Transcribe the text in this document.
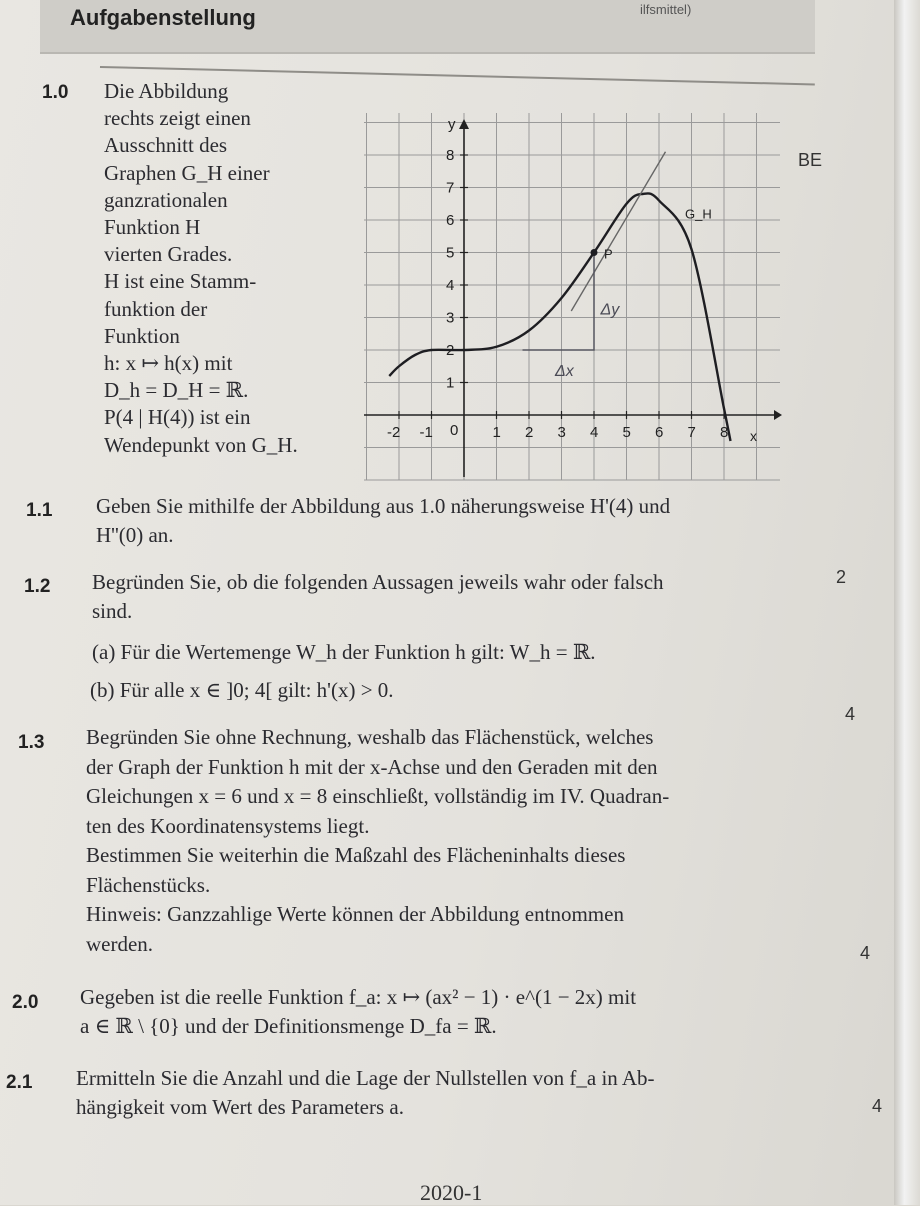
Aufgabenstellung	ilfsmittel)
1.0 Die Abbildung
rechts zeigt einen
Ausschnitt des
Graphen G_H einer
ganzrationalen
Funktion H
vierten Grades.
H ist eine Stamm-
funktion der
Funktion
h: x ↦ h(x) mit
D_h = D_H = ℝ.
P(4 | H(4)) ist ein
Wendepunkt von G_H.
BE
-2 -1 0 1 2 3 4 5 6 7 8
1
2
3
4
5
6
7
8
x
y
Δx
Δy
P
G_H
1.1 Geben Sie mithilfe der Abbildung aus 1.0 näherungsweise H'(4) und
H''(0) an.
2
1.2 Begründen Sie, ob die folgenden Aussagen jeweils wahr oder falsch
sind.
(a) Für die Wertemenge W_h der Funktion h gilt: W_h = ℝ.
(b) Für alle x ∈ ]0; 4[ gilt: h'(x) > 0.
4
1.3 Begründen Sie ohne Rechnung, weshalb das Flächenstück, welches
der Graph der Funktion h mit der x-Achse und den Geraden mit den
Gleichungen x = 6 und x = 8 einschließt, vollständig im IV. Quadran-
ten des Koordinatensystems liegt.
Bestimmen Sie weiterhin die Maßzahl des Flächeninhalts dieses
Flächenstücks.
Hinweis: Ganzzahlige Werte können der Abbildung entnommen
werden.	4
2.0 Gegeben ist die reelle Funktion f_a: x ↦ (ax² − 1) · e^(1 − 2x) mit
a ∈ ℝ \ {0} und der Definitionsmenge D_fa = ℝ.
2.1 Ermitteln Sie die Anzahl und die Lage der Nullstellen von f_a in Ab-
hängigkeit vom Wert des Parameters a.	4
2020-1
